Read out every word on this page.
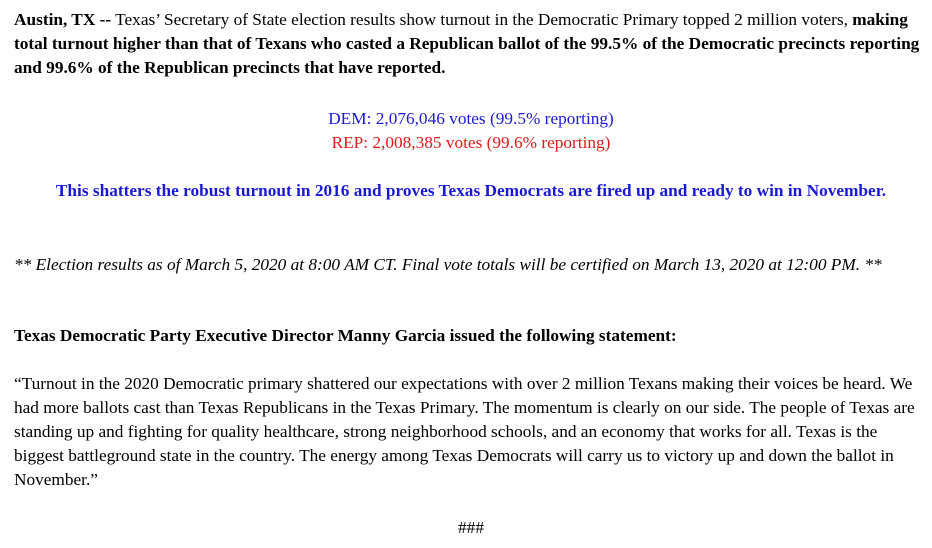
Austin, TX -- Texas’ Secretary of State election results show turnout in the Democratic Primary topped 2 million voters, making total turnout higher than that of Texans who casted a Republican ballot of the 99.5% of the Democratic precincts reporting and 99.6% of the Republican precincts that have reported.

DEM: 2,076,046 votes (99.5% reporting)
REP: 2,008,385 votes (99.6% reporting)

This shatters the robust turnout in 2016 and proves Texas Democrats are fired up and ready to win in November.

** Election results as of March 5, 2020 at 8:00 AM CT. Final vote totals will be certified on March 13, 2020 at 12:00 PM. **

Texas Democratic Party Executive Director Manny Garcia issued the following statement:

“Turnout in the 2020 Democratic primary shattered our expectations with over 2 million Texans making their voices be heard. We had more ballots cast than Texas Republicans in the Texas Primary. The momentum is clearly on our side. The people of Texas are standing up and fighting for quality healthcare, strong neighborhood schools, and an economy that works for all. Texas is the biggest battleground state in the country. The energy among Texas Democrats will carry us to victory up and down the ballot in November.”

###
